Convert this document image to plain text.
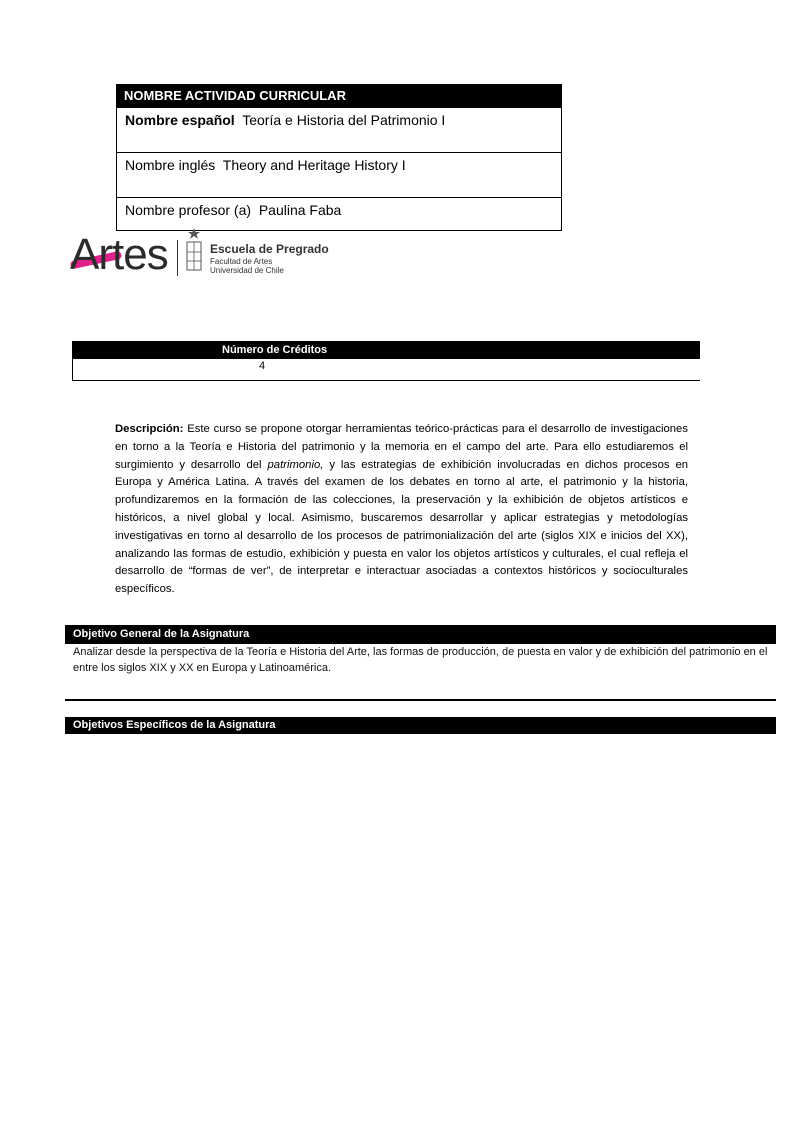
NOMBRE ACTIVIDAD CURRICULAR
Nombre español Teoría e Historia del Patrimonio I
Nombre inglés Theory and Heritage History I
Nombre profesor (a) Paulina Faba
Artes	Escuela de Pregrado
Facultad de Artes
Universidad de Chile
Número de Créditos
4
Descripción: Este curso se propone otorgar herramientas teórico-prácticas para el desarrollo de investigaciones en torno a la Teoría e Historia del patrimonio y la memoria en el campo del arte. Para ello estudiaremos el surgimiento y desarrollo del patrimonio, y las estrategias de exhibición involucradas en dichos procesos en Europa y América Latina. A través del examen de los debates en torno al arte, el patrimonio y la historia, profundizaremos en la formación de las colecciones, la preservación y la exhibición de objetos artísticos e históricos, a nivel global y local. Asimismo, buscaremos desarrollar y aplicar estrategias y metodologías investigativas en torno al desarrollo de los procesos de patrimonialización del arte (siglos XIX e inicios del XX), analizando las formas de estudio, exhibición y puesta en valor los objetos artísticos y culturales, el cual refleja el desarrollo de “formas de ver”, de interpretar e interactuar asociadas a contextos históricos y socioculturales específicos.
Objetivo General de la Asignatura
Analizar desde la perspectiva de la Teoría e Historia del Arte, las formas de producción, de puesta en valor y de exhibición del patrimonio en el entre los siglos XIX y XX en Europa y Latinoamérica.
Objetivos Específicos de la Asignatura
